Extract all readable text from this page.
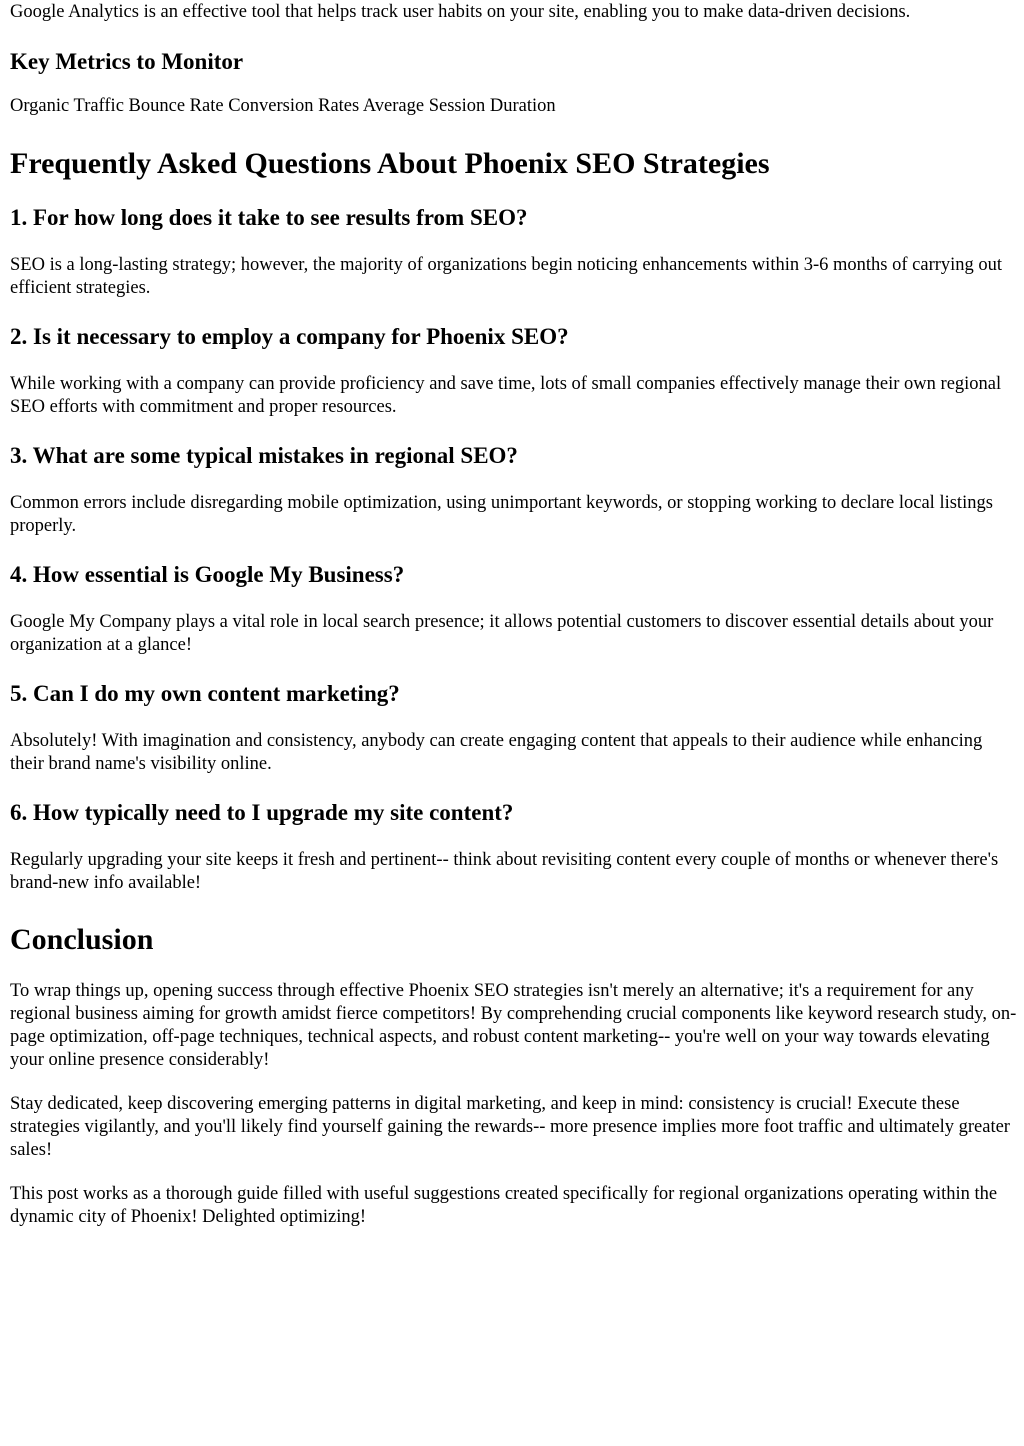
Google Analytics is an effective tool that helps track user habits on your site, enabling you to make data-driven decisions.

Key Metrics to Monitor

Organic Traffic Bounce Rate Conversion Rates Average Session Duration

Frequently Asked Questions About Phoenix SEO Strategies
1. For how long does it take to see results from SEO?

SEO is a long-lasting strategy; however, the majority of organizations begin noticing enhancements within 3-6 months of carrying out efficient strategies.

2. Is it necessary to employ a company for Phoenix SEO?

While working with a company can provide proficiency and save time, lots of small companies effectively manage their own regional SEO efforts with commitment and proper resources.

3. What are some typical mistakes in regional SEO?

Common errors include disregarding mobile optimization, using unimportant keywords, or stopping working to declare local listings properly.

4. How essential is Google My Business?

Google My Company plays a vital role in local search presence; it allows potential customers to discover essential details about your organization at a glance!

5. Can I do my own content marketing?

Absolutely! With imagination and consistency, anybody can create engaging content that appeals to their audience while enhancing their brand name's visibility online.

6. How typically need to I upgrade my site content?

Regularly upgrading your site keeps it fresh and pertinent-- think about revisiting content every couple of months or whenever there's brand-new info available!

Conclusion

To wrap things up, opening success through effective Phoenix SEO strategies isn't merely an alternative; it's a requirement for any regional business aiming for growth amidst fierce competitors! By comprehending crucial components like keyword research study, on-page optimization, off-page techniques, technical aspects, and robust content marketing-- you're well on your way towards elevating your online presence considerably!

Stay dedicated, keep discovering emerging patterns in digital marketing, and keep in mind: consistency is crucial! Execute these strategies vigilantly, and you'll likely find yourself gaining the rewards-- more presence implies more foot traffic and ultimately greater sales!

This post works as a thorough guide filled with useful suggestions created specifically for regional organizations operating within the dynamic city of Phoenix! Delighted optimizing!
